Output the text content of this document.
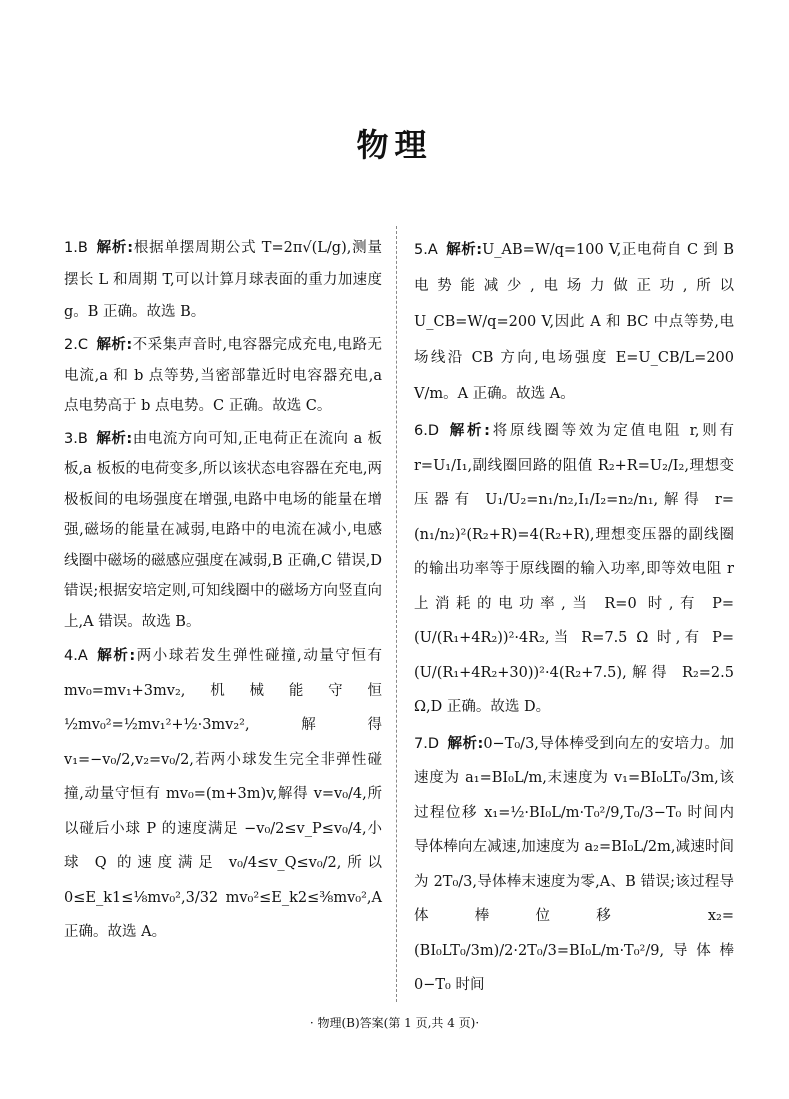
物理
1.B 解析:根据单摆周期公式 T=2π√(L/g),测量摆长 L 和周期 T,可以计算月球表面的重力加速度 g。B 正确。故选 B。
2.C 解析:不采集声音时,电容器完成充电,电路无电流,a 和 b 点等势,当密部靠近时电容器充电,a 点电势高于 b 点电势。C 正确。故选 C。
3.B 解析:由电流方向可知,正电荷正在流向 a 板板,a 板板的电荷变多,所以该状态电容器在充电,两极板间的电场强度在增强,电路中电场的能量在增强,磁场的能量在减弱,电路中的电流在减小,电感线圈中磁场的磁感应强度在减弱,B 正确,C 错误,D 错误;根据安培定则,可知线圈中的磁场方向竖直向上,A 错误。故选 B。
4.A 解析:两小球若发生弹性碰撞,动量守恒有 mv₀=mv₁+3mv₂,机械能守恒 ½mv₀²=½mv₁²+½·3mv₂²,解得 v₁=−v₀/2,v₂=v₀/2,若两小球发生完全非弹性碰撞,动量守恒有 mv₀=(m+3m)v,解得 v=v₀/4,所以碰后小球 P 的速度满足 −v₀/2≤v_P≤v₀/4,小球 Q 的速度满足 v₀/4≤v_Q≤v₀/2,所以 0≤E_k1≤⅛mv₀²,3/32 mv₀²≤E_k2≤⅜mv₀²,A 正确。故选 A。
5.A 解析:U_AB=W/q=100 V,正电荷自 C 到 B 电势能减少,电场力做正功,所以 U_CB=W/q=200 V,因此 A 和 BC 中点等势,电场线沿 CB 方向,电场强度 E=U_CB/L=200 V/m。A 正确。故选 A。
6.D 解析:将原线圈等效为定值电阻 r,则有 r=U₁/I₁,副线圈回路的阻值 R₂+R=U₂/I₂,理想变压器有 U₁/U₂=n₁/n₂,I₁/I₂=n₂/n₁,解得 r=(n₁/n₂)²(R₂+R)=4(R₂+R),理想变压器的副线圈的输出功率等于原线圈的输入功率,即等效电阻 r 上消耗的电功率,当 R=0 时,有 P=(U/(R₁+4R₂))²·4R₂,当 R=7.5 Ω 时,有 P=(U/(R₁+4R₂+30))²·4(R₂+7.5),解得 R₂=2.5 Ω,D 正确。故选 D。
7.D 解析:0−T₀/3,导体棒受到向左的安培力。加速度为 a₁=BI₀L/m,末速度为 v₁=BI₀LT₀/3m,该过程位移 x₁=½·BI₀L/m·T₀²/9,T₀/3−T₀ 时间内导体棒向左减速,加速度为 a₂=BI₀L/2m,减速时间为 2T₀/3,导体棒末速度为零,A、B 错误;该过程导体棒位移 x₂=(BI₀LT₀/3m)/2·2T₀/3=BI₀L/m·T₀²/9,导体棒 0−T₀ 时间
· 物理(B)答案(第 1 页,共 4 页)·
